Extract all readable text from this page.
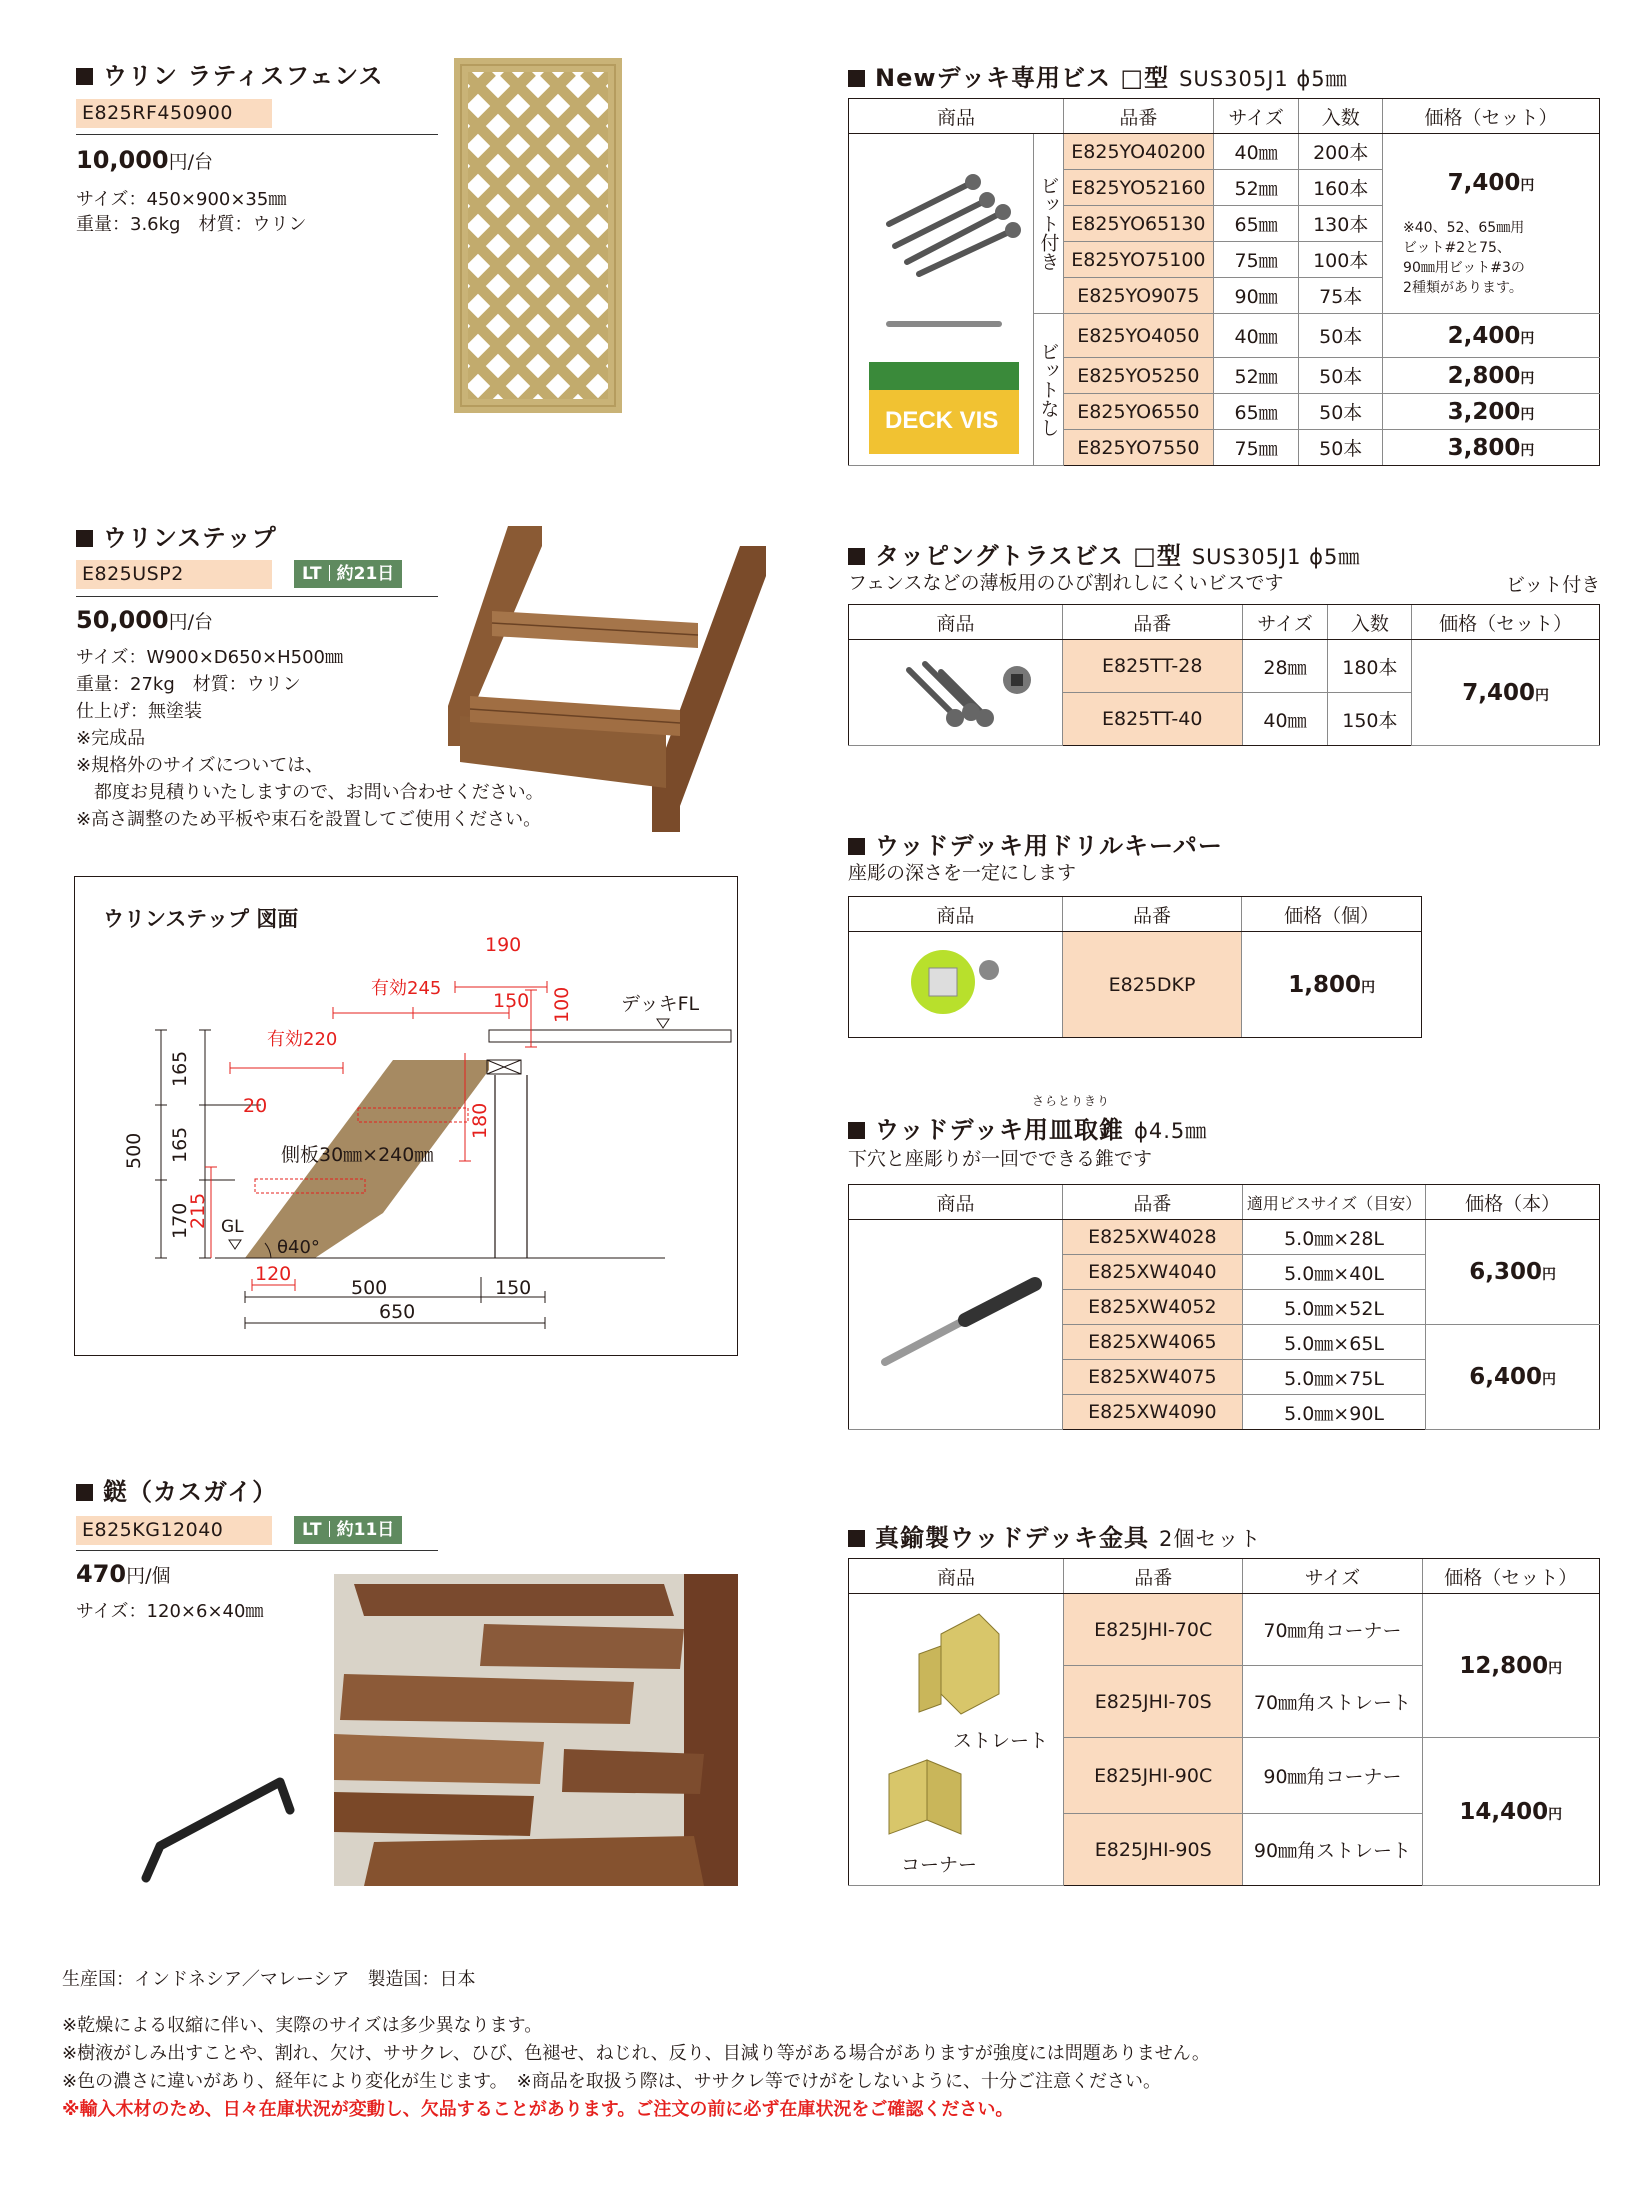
ウリン ラティスフェンス
E825RF450900
10,000円/台
サイズ：450×900×35㎜
重量：3.6kg　材質：ウリン
ウリンステップ
E825USP2	LT 約21日
50,000円/台
サイズ：W900×D650×H500㎜
重量：27kg　材質：ウリン
仕上げ：無塗装
※完成品
※規格外のサイズについては、
　都度お見積りいたしますので、お問い合わせください。
※高さ調整のため平板や束石を設置してご使用ください。
ウリンステップ 図面
190
有効245
150 100	デッキFL
有効220
165
165
170
500
180
20
側板30㎜×240㎜
215 GL
θ40°
120
500	150
650
鎹（カスガイ）
E825KG12040	LT 約11日
470円/個
サイズ：120×6×40㎜
Newデッキ専用ビス □型 SUS305J1 ϕ5㎜
商品		品番	サイズ	入数	価格（セット）

DECK VIS	ビット付き	E825YO40200	40㎜	200本	7,400円
※40、52、65㎜用
ビット#2と75、
90㎜用ビット#3の
2種類があります。

		E825YO52160	52㎜	160本	
		E825YO65130	65㎜	130本	
		E825YO75100	75㎜	100本	
		E825YO9075	90㎜	75本	

	ビットなし	E825YO4050	40㎜	50本	2,400円
		E825YO5250	52㎜	50本	2,800円
		E825YO6550	65㎜	50本	3,200円
		E825YO7550	75㎜	50本	3,800円
タッピングトラスビス □型 SUS305J1 ϕ5㎜
フェンスなどの薄板用のひび割れしにくいビスです	ビット付き
商品	品番	サイズ	入数	価格（セット）
	E825TT-28	28㎜	180本	7,400円
	E825TT-40	40㎜	150本	
ウッドデッキ用ドリルキーパー
座彫の深さを一定にします
商品	品番	価格（個）
	E825DKP	1,800円
さらとりきり
ウッドデッキ用皿取錐 ϕ4.5㎜
下穴と座彫りが一回でできる錐です
商品	品番	適用ビスサイズ（目安）	価格（本）
	E825XW4028	5.0㎜×28L	6,300円
	E825XW4040	5.0㎜×40L	
	E825XW4052	5.0㎜×52L	
	E825XW4065	5.0㎜×65L	6,400円
	E825XW4075	5.0㎜×75L	
	E825XW4090	5.0㎜×90L	
真鍮製ウッドデッキ金具 2個セット
商品	品番	サイズ	価格（セット）

ストレート
コーナー	E825JHI-70C	70㎜角コーナー	12,800円
	E825JHI-70S	70㎜角ストレート	
	E825JHI-90C	90㎜角コーナー	14,400円
	E825JHI-90S	90㎜角ストレート	
生産国：インドネシア／マレーシア　製造国：日本
※乾燥による収縮に伴い、実際のサイズは多少異なります。
※樹液がしみ出すことや、割れ、欠け、ササクレ、ひび、色褪せ、ねじれ、反り、目減り等がある場合がありますが強度には問題ありません。
※色の濃さに違いがあり、経年により変化が生じます。　※商品を取扱う際は、ササクレ等でけがをしないように、十分ご注意ください。
※輸入木材のため、日々在庫状況が変動し、欠品することがあります。ご注文の前に必ず在庫状況をご確認ください。
